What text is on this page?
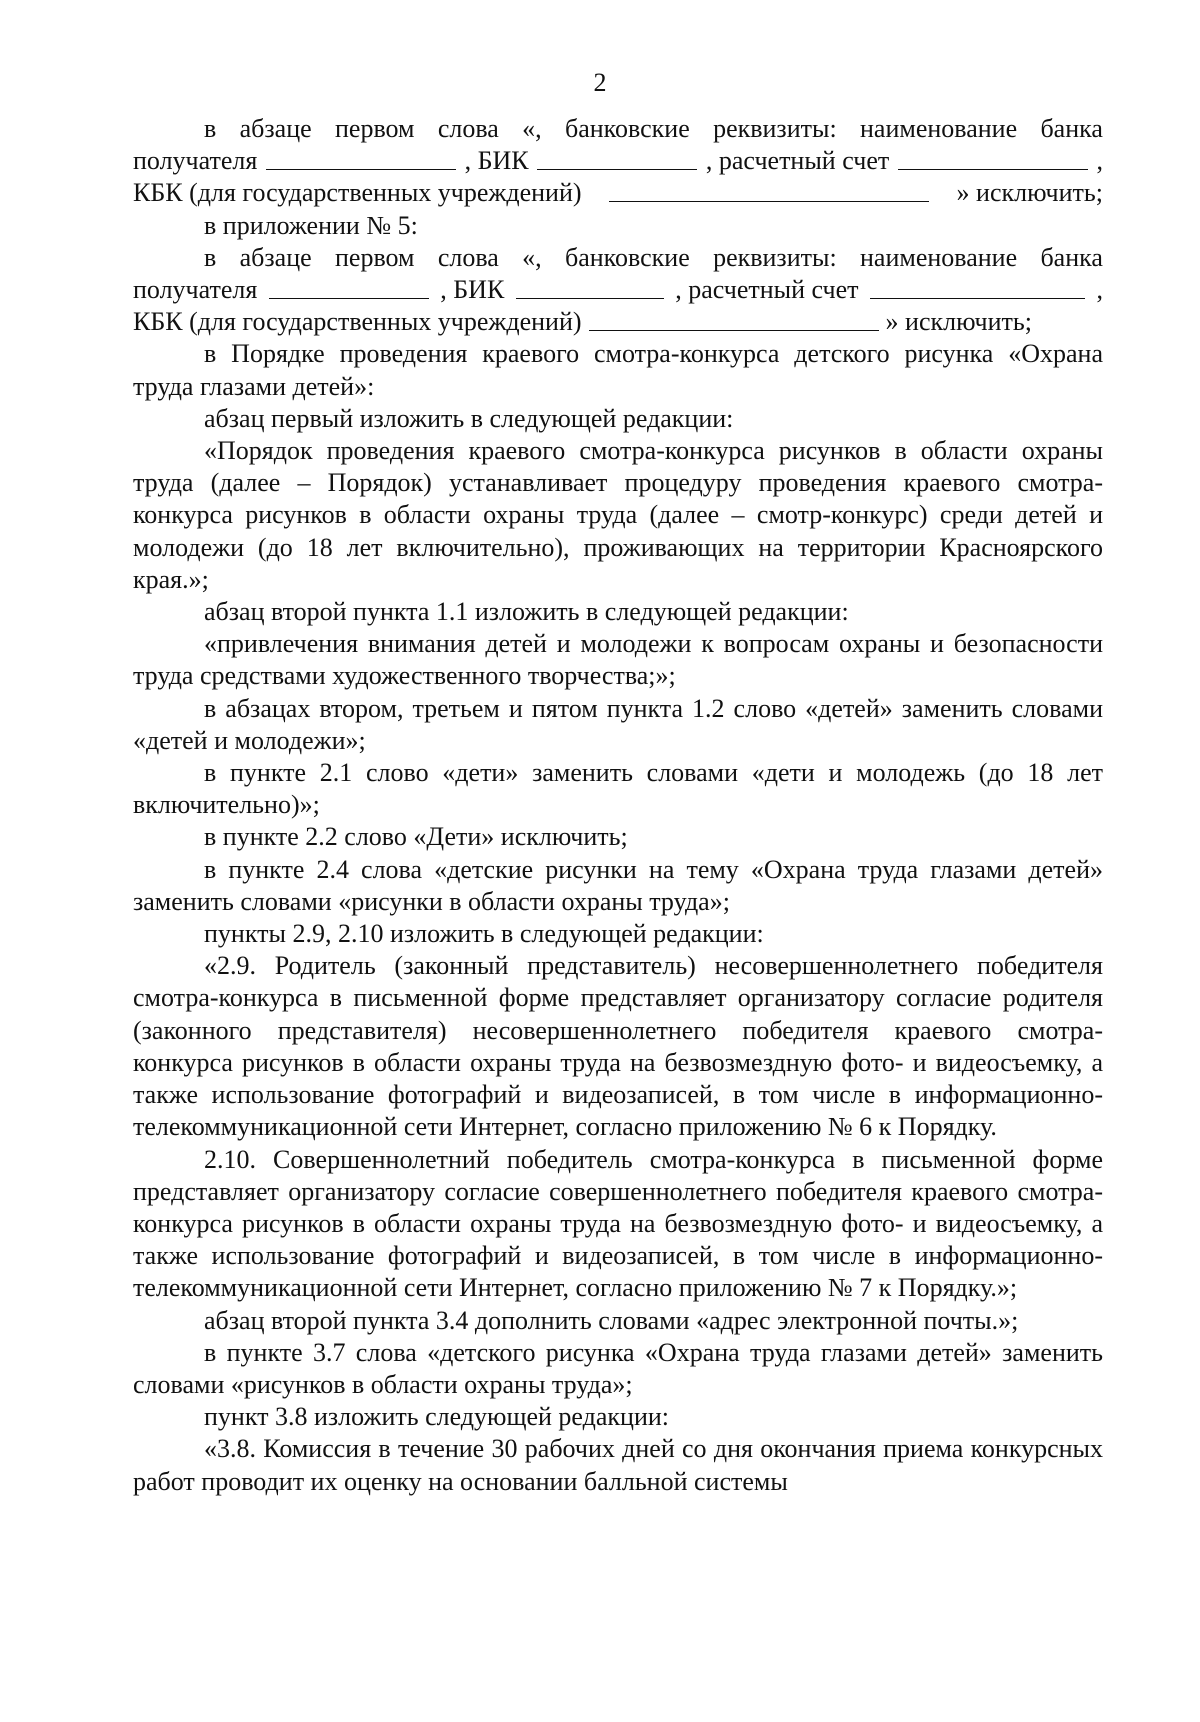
2
в абзаце первом слова «, банковские реквизиты: наименование банка
получателя	, БИК	, расчетный счет	,
КБК (для государственных учреждений)	» исключить;

в приложении № 5:

в абзаце первом слова «, банковские реквизиты: наименование банка
получателя	, БИК	, расчетный счет	,
КБК (для государственных учреждений)	» исключить;

в Порядке проведения краевого смотра-конкурса детского рисунка «Охрана труда глазами детей»:

абзац первый изложить в следующей редакции:

«Порядок проведения краевого смотра-конкурса рисунков в области охраны труда (далее – Порядок) устанавливает процедуру проведения краевого смотра-конкурса рисунков в области охраны труда (далее – смотр-конкурс) среди детей и молодежи (до 18 лет включительно), проживающих на территории Красноярского края.»;

абзац второй пункта 1.1 изложить в следующей редакции:

«привлечения внимания детей и молодежи к вопросам охраны и безопасности труда средствами художественного творчества;»;

в абзацах втором, третьем и пятом пункта 1.2 слово «детей» заменить словами «детей и молодежи»;

в пункте 2.1 слово «дети» заменить словами «дети и молодежь (до 18 лет включительно)»;

в пункте 2.2 слово «Дети» исключить;

в пункте 2.4 слова «детские рисунки на тему «Охрана труда глазами детей» заменить словами «рисунки в области охраны труда»;

пункты 2.9, 2.10 изложить в следующей редакции:

«2.9. Родитель (законный представитель) несовершеннолетнего победителя смотра-конкурса в письменной форме представляет организатору согласие родителя (законного представителя) несовершеннолетнего победителя краевого смотра-конкурса рисунков в области охраны труда на безвозмездную фото- и видеосъемку, а также использование фотографий и видеозаписей, в том числе в информационно-телекоммуникационной сети Интернет, согласно приложению № 6 к Порядку.

2.10. Совершеннолетний победитель смотра-конкурса в письменной форме представляет организатору согласие совершеннолетнего победителя краевого смотра-конкурса рисунков в области охраны труда на безвозмездную фото- и видеосъемку, а также использование фотографий и видеозаписей, в том числе в информационно-телекоммуникационной сети Интернет, согласно приложению № 7 к Порядку.»;

абзац второй пункта 3.4 дополнить словами «адрес электронной почты.»;

в пункте 3.7 слова «детского рисунка «Охрана труда глазами детей» заменить словами «рисунков в области охраны труда»;

пункт 3.8 изложить следующей редакции:

«3.8. Комиссия в течение 30 рабочих дней со дня окончания приема конкурсных работ проводит их оценку на основании балльной системы
